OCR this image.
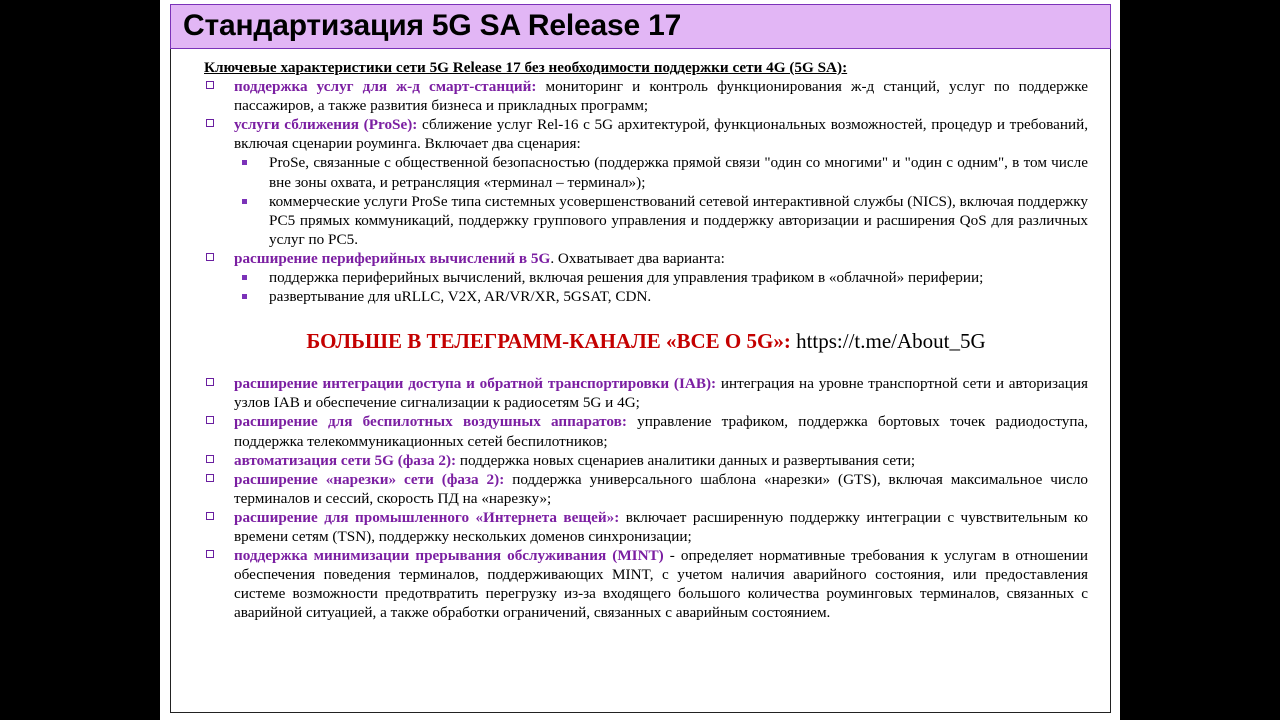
Стандартизация 5G SA Release 17
Ключевые характеристики сети 5G Release 17 без необходимости поддержки сети 4G (5G SA):
поддержка услуг для ж-д смарт-станций: мониторинг и контроль функционирования ж-д станций, услуг по поддержке пассажиров, а также развития бизнеса и прикладных программ;
услуги сближения (ProSe): сближение услуг Rel-16 с 5G архитектурой, функциональных возможностей, процедур и требований, включая сценарии роуминга. Включает два сценария:
ProSe, связанные с общественной безопасностью (поддержка прямой связи "один со многими" и "один с одним", в том числе вне зоны охвата, и ретрансляция «терминал – терминал»);
коммерческие услуги ProSe типа системных усовершенствований сетевой интерактивной службы (NICS), включая поддержку PC5 прямых коммуникаций, поддержку группового управления и поддержку авторизации и расширения QoS для различных услуг по PC5.
расширение периферийных вычислений в 5G. Охватывает два варианта:
поддержка периферийных вычислений, включая решения для управления трафиком в «облачной» периферии;
развертывание для uRLLC, V2X, AR/VR/XR, 5GSAT, CDN.
БОЛЬШЕ В ТЕЛЕГРАММ-КАНАЛЕ «ВСЕ О 5G»: https://t.me/About_5G
расширение интеграции доступа и обратной транспортировки (IAB): интеграция на уровне транспортной сети и авторизация узлов IAB и обеспечение сигнализации к радиосетям 5G и 4G;
расширение для беспилотных воздушных аппаратов: управление трафиком, поддержка бортовых точек радиодоступа, поддержка телекоммуникационных сетей беспилотников;
автоматизация сети 5G (фаза 2): поддержка новых сценариев аналитики данных и развертывания сети;
расширение «нарезки» сети (фаза 2): поддержка универсального шаблона «нарезки» (GTS), включая максимальное число терминалов и сессий, скорость ПД на «нарезку»;
расширение для промышленного «Интернета вещей»: включает расширенную поддержку интеграции с чувствительным ко времени сетям (TSN), поддержку нескольких доменов синхронизации;
поддержка минимизации прерывания обслуживания (MINT) - определяет нормативные требования к услугам в отношении обеспечения поведения терминалов, поддерживающих MINT, с учетом наличия аварийного состояния, или предоставления системе возможности предотвратить перегрузку из-за входящего большого количества роуминговых терминалов, связанных с аварийной ситуацией, а также обработки ограничений, связанных с аварийным состоянием.
